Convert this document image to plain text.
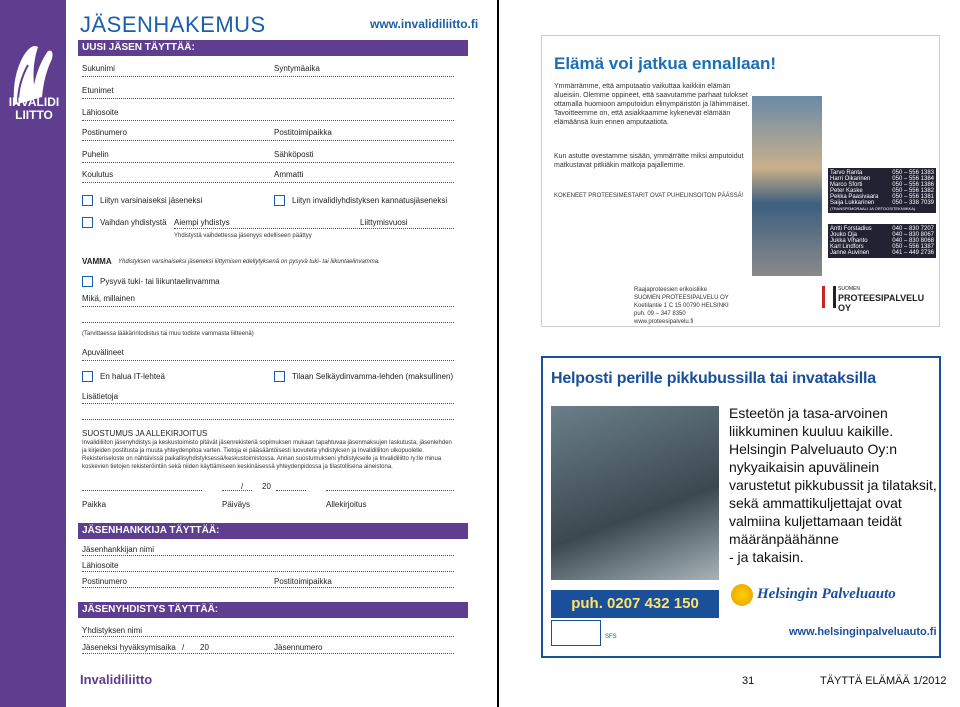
INVALIDI LIITTO
JÄSENHAKEMUS	www.invalidiliitto.fi
UUSI JÄSEN TÄYTTÄÄ:
Sukunimi	Syntymäaika
Etunimet
Lähiosoite
Postinumero	Postitoimipaikka
Puhelin	Sähköposti
Koulutus	Ammatti
Liityn varsinaiseksi jäseneksi	Liityn invalidiyhdistyksen kannatusjäseneksi
Vaihdan yhdistystä Aiempi yhdistys	Liittymisvuosi
Yhdistystä vaihdettessa jäsenyys edelliseen päättyy
VAMMA Yhdistyksen varsinaiseksi jäseneksi liittymisen edellytyksenä on pysyvä tuki- tai liikuntaelinvamma.
Pysyvä tuki- tai liikuntaelinvamma
Mikä, millainen
(Tarvittaessa lääkärintodistus tai muu todiste vammasta liitteenä)
Apuvälineet
En halua IT-lehteä	Tilaan Selkäydinvamma-lehden (maksullinen)
Lisätietoja
SUOSTUMUS JA ALLEKIRJOITUS
Invalidiliiton jäsenyhdistys ja keskustoimisto pitävät jäsenrekisteriä sopimuksen mukaan tapahtuvaa jäsenmaksujen laskutusta, jäsenlehden ja kirjeiden postitusta ja muuta yhteydenpitoa varten. Tietoja ei pääsäänt​öisesti luovuteta yhdistyksen ja Invalidiliiton ulkopuolelle. Rekisteriseloste on nähtävissä paikallisyhdistyksessä/keskustoimistossa. Annan suostumukseni yhdistykselle ja Invalidiliitto ry:lle minua koskevien tietojen rekisteröintiin sekä niiden käyttämiseen keskinäisessä yhteydenpidossa ja tilastollisena aineistona.
/ 20
Paikka	Päiväys	Allekirjoitus
JÄSENHANKKIJA TÄYTTÄÄ:
Jäsenhankkijan nimi
Lähiosoite
Postinumero	Postitoimipaikka
JÄSENYHDISTYS TÄYTTÄÄ:
Yhdistyksen nimi
Jäseneksi hyväksymisaika / 20	Jäsennumero
Invalidiliitto
Elämä voi jatkua ennallaan!

Ymmärrämme, että amputaatio vaikuttaa kaikkiin elämän alueisiin. Olemme oppineet, että saavutamme parhaat tulokset ottamalla huomioon amputoidun elinympäristön ja lähimmäiset. Tavoitteemme on, että asiakkaamme kykenevät elämään elämäänsä kuin ennen amputaatiota.

Kun astutte ovestamme sisään, ymmärrätte miksi amputoidut matkustavat pitkiäkin matkoja pajallemme.

KOKENEET PROTEESIMESTARIT OVAT PUHELINSOITON PÄÄSSÄ!

Tarvo Ranta	050 – 556 1383
Harri Oikarinen	050 – 556 1384
Marco Sforti	050 – 556 1386
Peter Kaske	050 – 556 1382
Pekka Paasivaara 050 – 556 1381
Saija Lukkarinen	050 – 338 7039
(TRANSFEMORAALI JA ORTOOSITEKNIIKKA)
Antti Forstadius	040 – 830 7207
Jouko Oja	040 – 830 8067
Jukka Vihanto	040 – 830 8068
Karl Lindfors	050 – 556 1387
Janne Auvinen	041 – 449 2736
Raajaproteesien erikoisliike
SUOMEN PROTEESIPALVELU OY
Koetilantie 1 C 15 00790 HELSINKI
puh. 09 – 347 8350
www.proteesipalvelu.fi
SUOMEN
PROTEESIPALVELU OY
Helposti perille pikkubussilla tai invataksilla
Esteetön ja tasa-arvoinen
liikkuminen kuuluu kaikille.
Helsingin Palveluauto Oy:n
nykyaikaisin apuvälinein
varustetut pikkubussit ja tilataksit,
sekä ammattikuljettajat ovat
valmiina kuljettamaan teidät
määränpäähänne
- ja takaisin.
puh. 0207 432 150
Helsingin Palveluauto
SFS	www.helsinginpalveluauto.fi
31	TÄYTTÄ ELÄMÄÄ 1/2012
